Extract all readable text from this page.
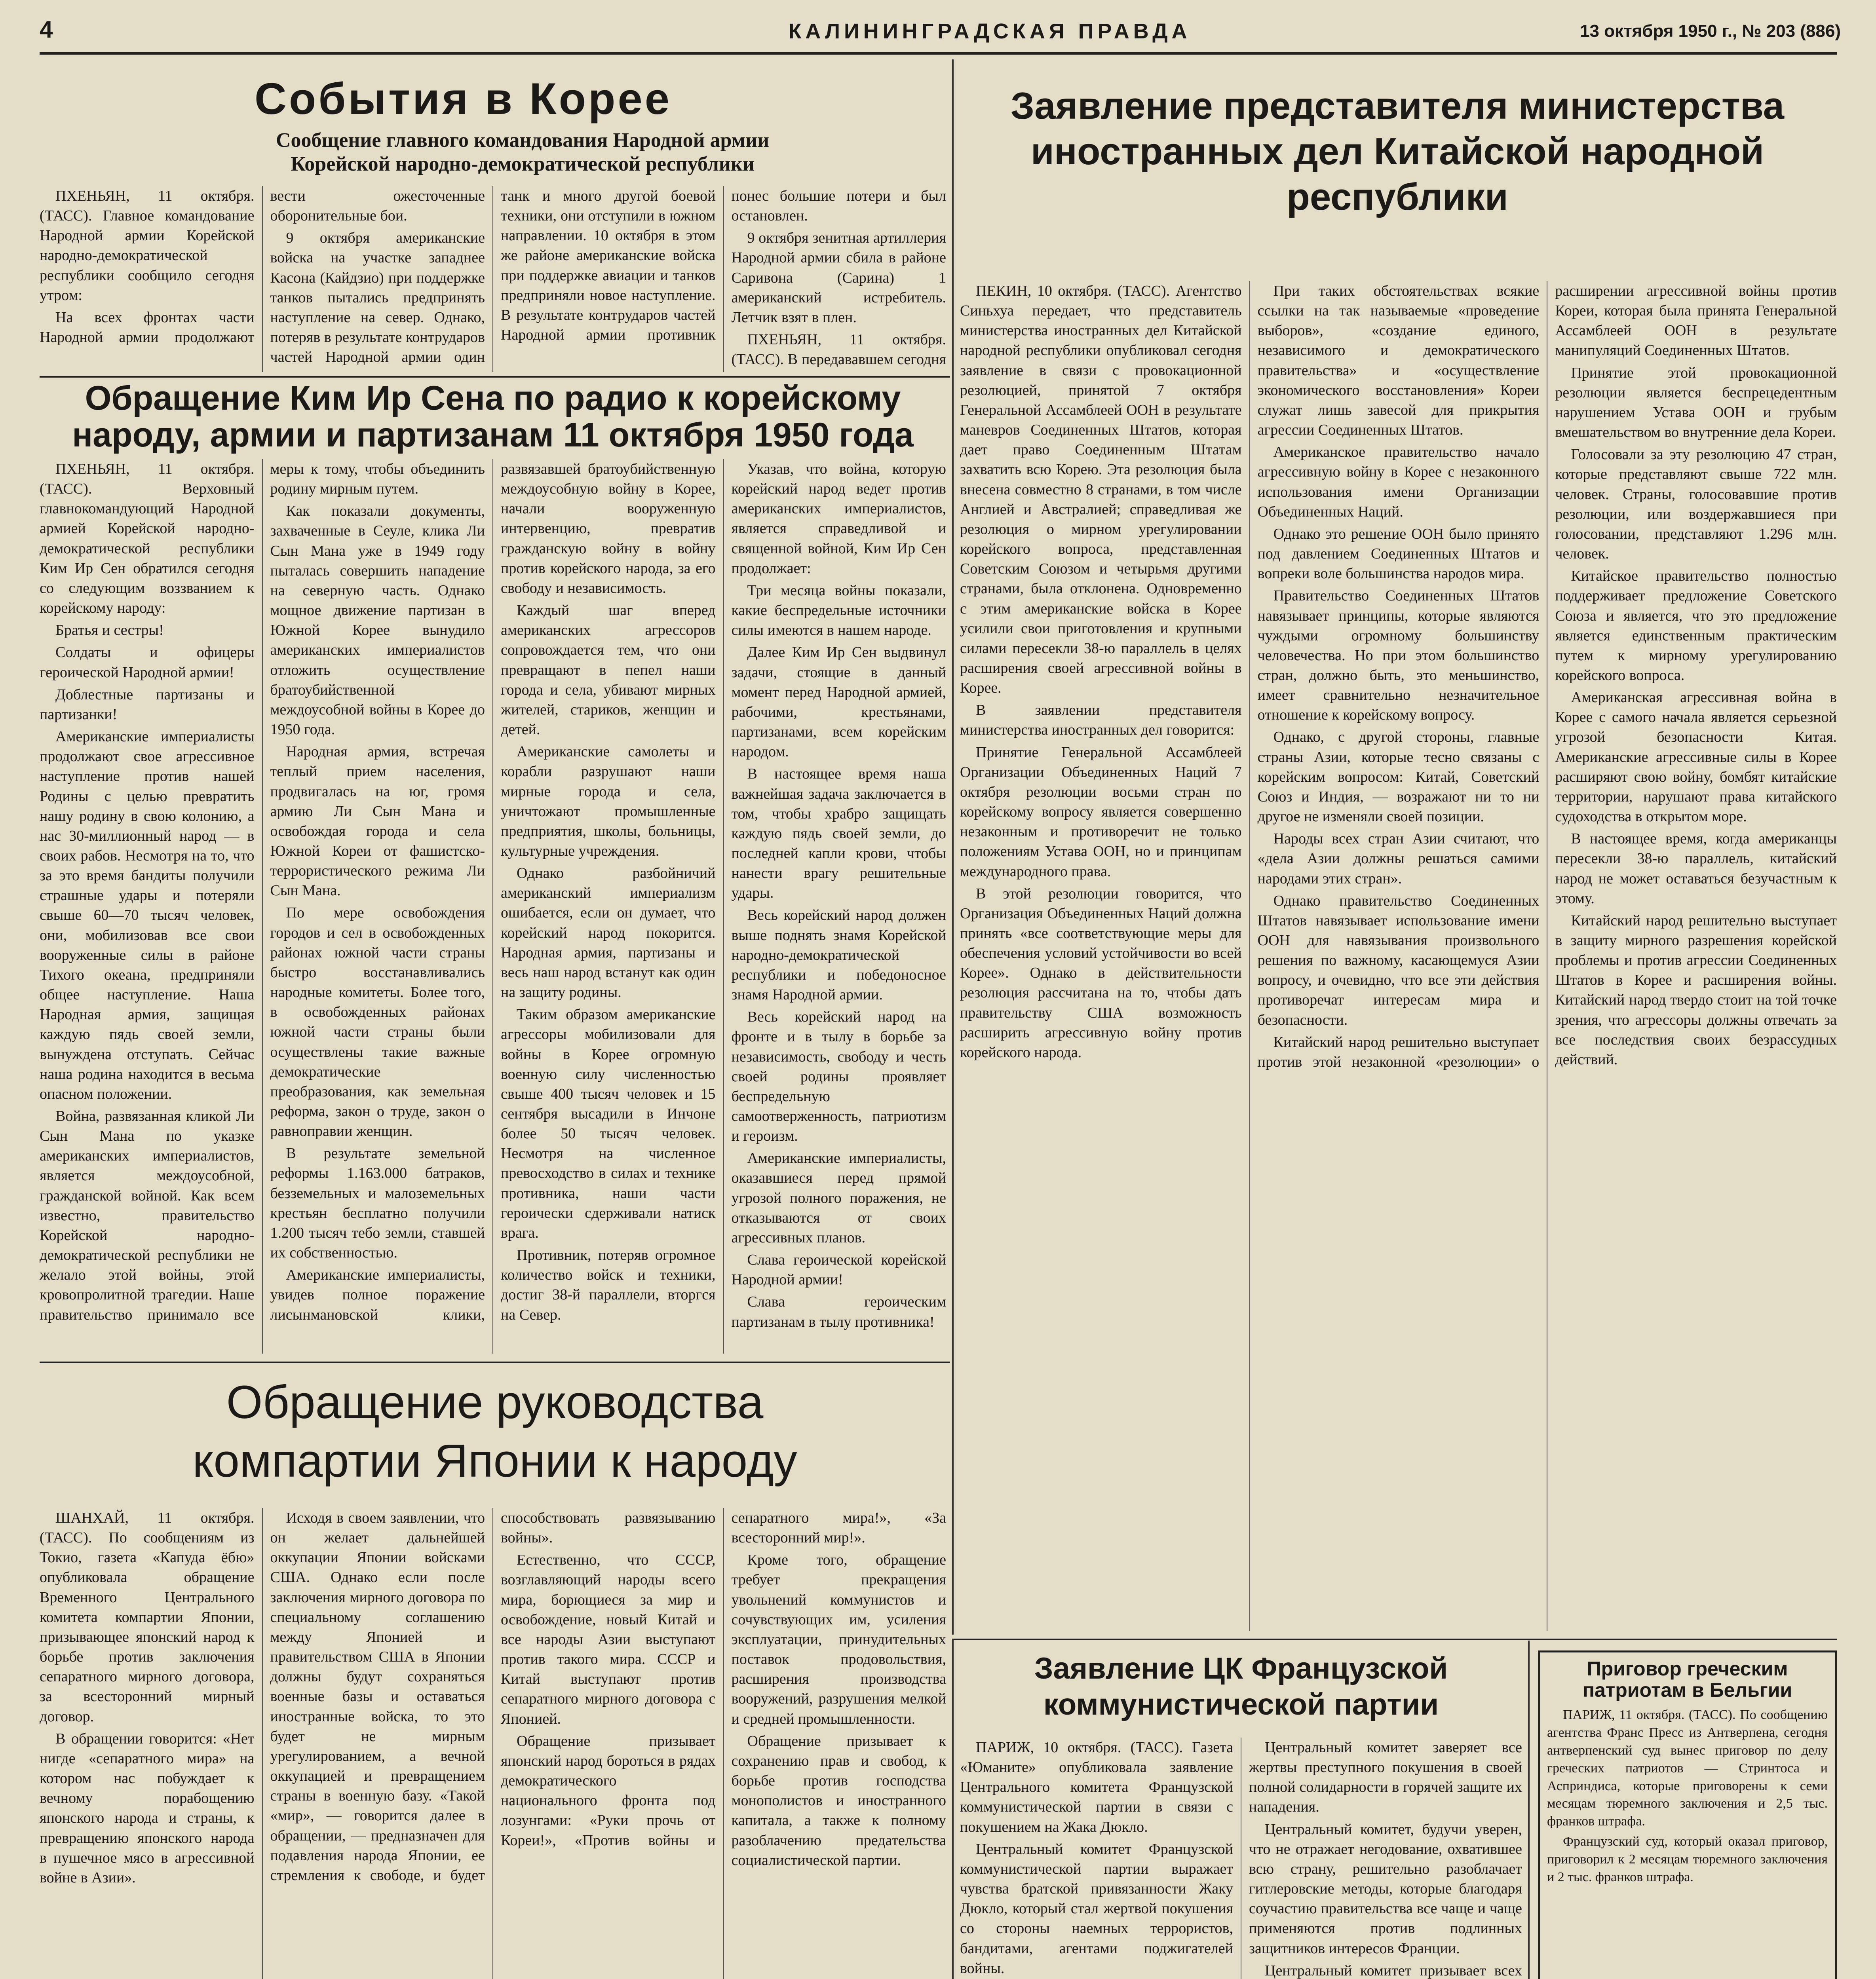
4	КАЛИНИНГРАДСКАЯ ПРАВДА	13 октября 1950 г., № 203 (886)
События в Корее
Сообщение главного командования Народной армии Корейской народно-демократической республики

ПХЕНЬЯН, 11 октября. (ТАСС). Главное командование Народной армии Корейской народно-демократической республики сообщило сегодня утром:

На всех фронтах части Народной армии продолжают вести ожесточенные оборонительные бои.

9 октября американские войска на участке западнее Касона (Кайдзио) при поддержке танков пытались предпринять наступление на север. Однако, потеряв в результате контрударов частей Народной армии один танк и много другой боевой техники, они отступили в южном направлении. 10 октября в этом же районе американские войска при поддержке авиации и танков предприняли новое наступление. В результате контрударов частей Народной армии противник понес большие потери и был остановлен.

9 октября зенитная артиллерия Народной армии сбила в районе Саривона (Сарина) 1 американский истребитель. Летчик взят в плен.

ПХЕНЬЯН, 11 октября. (ТАСС). В передававшем сегодня

Обращение Ким Ир Сена по радио к корейскому народу, армии и партизанам 11 октября 1950 года

ПХЕНЬЯН, 11 октября. (ТАСС). Верховный главнокомандующий Народной армией Корейской народно-демократической республики Ким Ир Сен обратился сегодня со следующим воззванием к корейскому народу:

Братья и сестры!

Солдаты и офицеры героической Народной армии!

Доблестные партизаны и партизанки!

Американские империалисты продолжают свое агрессивное наступление против нашей Родины с целью превратить нашу родину в свою колонию, а нас 30-миллионный народ — в своих рабов. Несмотря на то, что за это время бандиты получили страшные удары и потеряли свыше 60—70 тысяч человек, они, мобилизовав все свои вооруженные силы в районе Тихого океана, предприняли общее наступление. Наша Народная армия, защищая каждую пядь своей земли, вынуждена отступать. Сейчас наша родина находится в весьма опасном положении.

Война, развязанная кликой Ли Сын Мана по указке американских империалистов, является междоусобной, гражданской войной. Как всем известно, правительство Корейской народно-демократической республики не желало этой войны, этой кровопролитной трагедии. Наше правительство принимало все меры к тому, чтобы объединить родину мирным путем.

Как показали документы, захваченные в Сеуле, клика Ли Сын Мана уже в 1949 году пыталась совершить нападение на северную часть. Однако мощное движение партизан в Южной Корее вынудило американских империалистов отложить осуществление братоубийственной междоусобной войны в Корее до 1950 года.

Народная армия, встречая теплый прием населения, продвигалась на юг, громя армию Ли Сын Мана и освобождая города и села Южной Кореи от фашистско-террористического режима Ли Сын Мана.

По мере освобождения городов и сел в освобожденных районах южной части страны быстро восстанавливались народные комитеты. Более того, в освобожденных районах южной части страны были осуществлены такие важные демократические преобразования, как земельная реформа, закон о труде, закон о равноправии женщин.

В результате земельной реформы 1.163.000 батраков, безземельных и малоземельных крестьян бесплатно получили 1.200 тысяч тебо земли, ставшей их собственностью.

Американские империалисты, увидев полное поражение лисынмановской клики, развязавшей братоубийственную междоусобную войну в Корее, начали вооруженную интервенцию, превратив гражданскую войну в войну против корейского народа, за его свободу и независимость.

Каждый шаг вперед американских агрессоров сопровождается тем, что они превращают в пепел наши города и села, убивают мирных жителей, стариков, женщин и детей.

Американские самолеты и корабли разрушают наши мирные города и села, уничтожают промышленные предприятия, школы, больницы, культурные учреждения.

Однако разбойничий американский империализм ошибается, если он думает, что корейский народ покорится. Народная армия, партизаны и весь наш народ встанут как один на защиту родины.

Таким образом американские агрессоры мобилизовали для войны в Корее огромную военную силу численностью свыше 400 тысяч человек и 15 сентября высадили в Инчоне более 50 тысяч человек. Несмотря на численное превосходство в силах и технике противника, наши части героически сдерживали натиск врага.

Противник, потеряв огромное количество войск и техники, достиг 38-й параллели, вторгся на Север.

Указав, что война, которую корейский народ ведет против американских империалистов, является справедливой и священной войной, Ким Ир Сен продолжает:

Три месяца войны показали, какие беспредельные источники силы имеются в нашем народе.

Далее Ким Ир Сен выдвинул задачи, стоящие в данный момент перед Народной армией, рабочими, крестьянами, партизанами, всем корейским народом.

В настоящее время наша важнейшая задача заключается в том, чтобы храбро защищать каждую пядь своей земли, до последней капли крови, чтобы нанести врагу решительные удары.

Весь корейский народ должен выше поднять знамя Корейской народно-демократической республики и победоносное знамя Народной армии.

Весь корейский народ на фронте и в тылу в борьбе за независимость, свободу и честь своей родины проявляет беспредельную самоотверженность, патриотизм и героизм.

Американские империалисты, оказавшиеся перед прямой угрозой полного поражения, не отказываются от своих агрессивных планов.

Слава героической корейской Народной армии!

Слава героическим партизанам в тылу противника!

Заявление представителя министерства иностранных дел Китайской народной республики

ПЕКИН, 10 октября. (ТАСС). Агентство Синьхуа передает, что представитель министерства иностранных дел Китайской народной республики опубликовал сегодня заявление в связи с провокационной резолюцией, принятой 7 октября Генеральной Ассамблеей ООН в результате маневров Соединенных Штатов, которая дает право Соединенным Штатам захватить всю Корею. Эта резолюция была внесена совместно 8 странами, в том числе Англией и Австралией; справедливая же резолюция о мирном урегулировании корейского вопроса, представленная Советским Союзом и четырьмя другими странами, была отклонена. Одновременно с этим американские войска в Корее усилили свои приготовления и крупными силами пересекли 38-ю параллель в целях расширения своей агрессивной войны в Корее.

В заявлении представителя министерства иностранных дел говорится:

Принятие Генеральной Ассамблеей Организации Объединенных Наций 7 октября резолюции восьми стран по корейскому вопросу является совершенно незаконным и противоречит не только положениям Устава ООН, но и принципам международного права.

В этой резолюции говорится, что Организация Объединенных Наций должна принять «все соответствующие меры для обеспечения условий устойчивости во всей Корее». Однако в действительности резолюция рассчитана на то, чтобы дать правительству США возможность расширить агрессивную войну против корейского народа.

При таких обстоятельствах всякие ссылки на так называемые «проведение выборов», «создание единого, независимого и демократического правительства» и «осуществление экономического восстановления» Кореи служат лишь завесой для прикрытия агрессии Соединенных Штатов.

Американское правительство начало агрессивную войну в Корее с незаконного использования имени Организации Объединенных Наций.

Однако это решение ООН было принято под давлением Соединенных Штатов и вопреки воле большинства народов мира.

Правительство Соединенных Штатов навязывает принципы, которые являются чуждыми огромному большинству человечества. Но при этом большинство стран, должно быть, это меньшинство, имеет сравнительно незначительное отношение к корейскому вопросу.

Однако, с другой стороны, главные страны Азии, которые тесно связаны с корейским вопросом: Китай, Советский Союз и Индия, — возражают ни то ни другое не изменяли своей позиции.

Народы всех стран Азии считают, что «дела Азии должны решаться самими народами этих стран».

Однако правительство Соединенных Штатов навязывает использование имени ООН для навязывания произвольного решения по важному, касающемуся Азии вопросу, и очевидно, что все эти действия противоречат интересам мира и безопасности.

Китайский народ решительно выступает против этой незаконной «резолюции» о расширении агрессивной войны против Кореи, которая была принята Генеральной Ассамблеей ООН в результате манипуляций Соединенных Штатов.

Принятие этой провокационной резолюции является беспрецедентным нарушением Устава ООН и грубым вмешательством во внутренние дела Кореи.

Голосовали за эту резолюцию 47 стран, которые представляют свыше 722 млн. человек. Страны, голосовавшие против резолюции, или воздержавшиеся при голосовании, представляют 1.296 млн. человек.

Китайское правительство полностью поддерживает предложение Советского Союза и является, что это предложение является единственным практическим путем к мирному урегулированию корейского вопроса.

Американская агрессивная война в Корее с самого начала является серьезной угрозой безопасности Китая. Американские агрессивные силы в Корее расширяют свою войну, бомбят китайские территории, нарушают права китайского судоходства в открытом море.

В настоящее время, когда американцы пересекли 38-ю параллель, китайский народ не может оставаться безучастным к этому.

Китайский народ решительно выступает в защиту мирного разрешения корейской проблемы и против агрессии Соединенных Штатов в Корее и расширения войны. Китайский народ твердо стоит на той точке зрения, что агрессоры должны отвечать за все последствия своих безрассудных действий.

Обращение руководства компартии Японии к народу

ШАНХАЙ, 11 октября. (ТАСС). По сообщениям из Токио, газета «Капуда ёбю» опубликовала обращение Временного Центрального комитета компартии Японии, призывающее японский народ к борьбе против заключения сепаратного мирного договора, за всесторонний мирный договор.

В обращении говорится: «Нет нигде «сепаратного мира» на котором нас побуждает к вечному порабощению японского народа и страны, к превращению японского народа в пушечное мясо в агрессивной войне в Азии».

Исходя в своем заявлении, что он желает дальнейшей оккупации Японии войсками США. Однако если после заключения мирного договора по специальному соглашению между Японией и правительством США в Японии должны будут сохраняться военные базы и оставаться иностранные войска, то это будет не мирным урегулированием, а вечной оккупацией и превращением страны в военную базу. «Такой «мир», — говорится далее в обращении, — предназначен для подавления народа Японии, ее стремления к свободе, и будет способствовать развязыванию войны».

Естественно, что СССР, возглавляющий народы всего мира, борющиеся за мир и освобождение, новый Китай и все народы Азии выступают против такого мира. СССР и Китай выступают против сепаратного мирного договора с Японией.

Обращение призывает японский народ бороться в рядах демократического национального фронта под лозунгами: «Руки прочь от Кореи!», «Против войны и сепаратного мира!», «За всесторонний мир!».

Кроме того, обращение требует прекращения увольнений коммунистов и сочувствующих им, усиления эксплуатации, принудительных поставок продовольствия, расширения производства вооружений, разрушения мелкой и средней промышленности.

Обращение призывает к сохранению прав и свобод, к борьбе против господства монополистов и иностранного капитала, а также к полному разоблачению предательства социалистической партии.

Заявление ЦК Французской коммунистической партии

ПАРИЖ, 10 октября. (ТАСС). Газета «Юманите» опубликовала заявление Центрального комитета Французской коммунистической партии в связи с покушением на Жака Дюкло.

Центральный комитет Французской коммунистической партии выражает чувства братской привязанности Жаку Дюкло, который стал жертвой покушения со стороны наемных террористов, бандитами, агентами поджигателей войны.

Центральный комитет заверяет все жертвы преступного покушения в своей полной солидарности в горячей защите их нападения.

Центральный комитет, будучи уверен, что не отражает негодование, охватившее всю страну, решительно разоблачает гитлеровские методы, которые благодаря соучастию правительства все чаще и чаще применяются против подлинных защитников интересов Франции.

Центральный комитет призывает всех

Приговор греческим патриотам в Бельгии

ПАРИЖ, 11 октября. (ТАСС). По сообщению агентства Франс Пресс из Антверпена, сегодня антверпенский суд вынес приговор по делу греческих патриотов — Стринтоса и Асприндиса, которые приговорены к семи месяцам тюремного заключения и 2,5 тыс. франков штрафа.

Французский суд, который оказал приговор, приговорил к 2 месяцам тюремного заключения и 2 тыс. франков штрафа.
